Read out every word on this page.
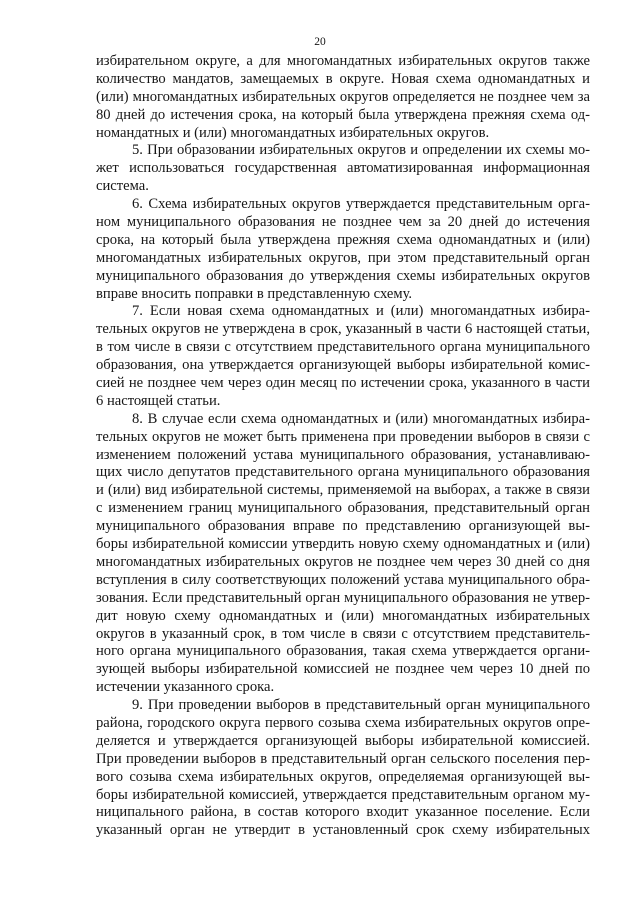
20
избирательном округе, а для многомандатных избирательных округов также
количество мандатов, замещаемых в округе. Новая схема одномандатных и
(или) многомандатных избирательных округов определяется не позднее чем за
80 дней до истечения срока, на который была утверждена прежняя схема од-
номандатных и (или) многомандатных избирательных округов.
5. При образовании избирательных округов и определении их схемы мо-
жет использоваться государственная автоматизированная информационная
система.
6. Схема избирательных округов утверждается представительным орга-
ном муниципального образования не позднее чем за 20 дней до истечения
срока, на который была утверждена прежняя схема одномандатных и (или)
многомандатных избирательных округов, при этом представительный орган
муниципального образования до утверждения схемы избирательных округов
вправе вносить поправки в представленную схему.
7. Если новая схема одномандатных и (или) многомандатных избира-
тельных округов не утверждена в срок, указанный в части 6 настоящей статьи,
в том числе в связи с отсутствием представительного органа муниципального
образования, она утверждается организующей выборы избирательной комис-
сией не позднее чем через один месяц по истечении срока, указанного в части
6 настоящей статьи.
8. В случае если схема одномандатных и (или) многомандатных избира-
тельных округов не может быть применена при проведении выборов в связи с
изменением положений устава муниципального образования, устанавливаю-
щих число депутатов представительного органа муниципального образования
и (или) вид избирательной системы, применяемой на выборах, а также в связи
с изменением границ муниципального образования, представительный орган
муниципального образования вправе по представлению организующей вы-
боры избирательной комиссии утвердить новую схему одномандатных и (или)
многомандатных избирательных округов не позднее чем через 30 дней со дня
вступления в силу соответствующих положений устава муниципального обра-
зования. Если представительный орган муниципального образования не утвер-
дит новую схему одномандатных и (или) многомандатных избирательных
округов в указанный срок, в том числе в связи с отсутствием представитель-
ного органа муниципального образования, такая схема утверждается органи-
зующей выборы избирательной комиссией не позднее чем через 10 дней по
истечении указанного срока.
9. При проведении выборов в представительный орган муниципального
района, городского округа первого созыва схема избирательных округов опре-
деляется и утверждается организующей выборы избирательной комиссией.
При проведении выборов в представительный орган сельского поселения пер-
вого созыва схема избирательных округов, определяемая организующей вы-
боры избирательной комиссией, утверждается представительным органом му-
ниципального района, в состав которого входит указанное поселение. Если
указанный орган не утвердит в установленный срок схему избирательных
